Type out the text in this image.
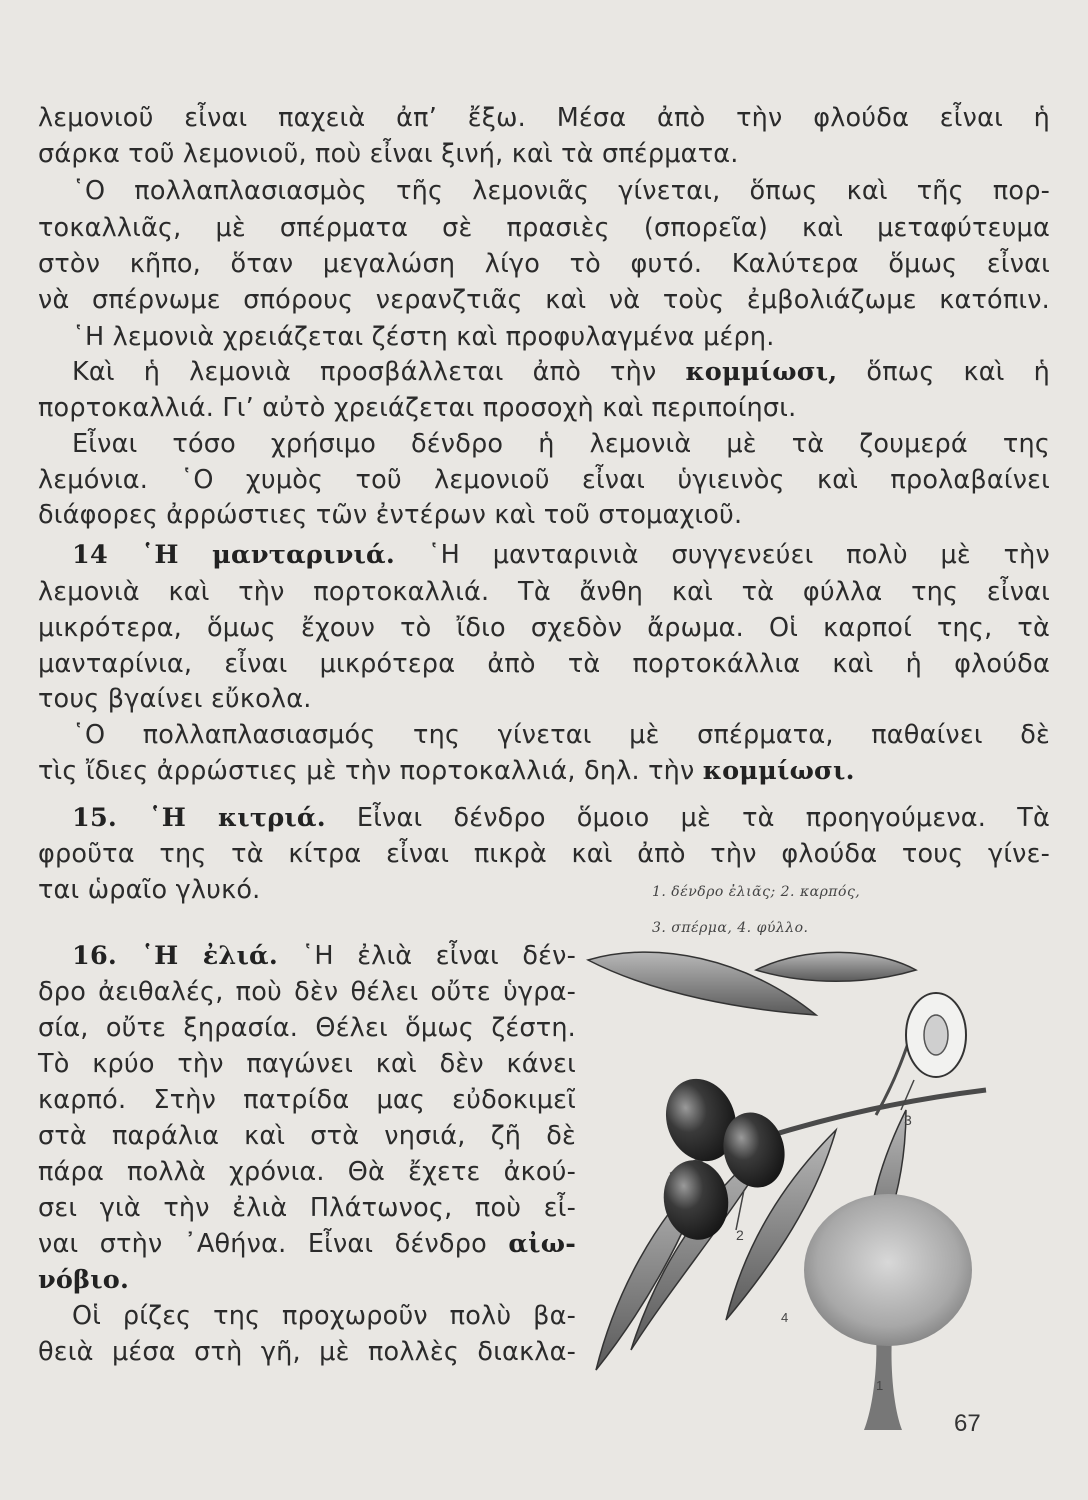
λεμονιοῦ εἶναι παχειὰ ἀπ’ ἔξω. Μέσα ἀπὸ τὴν φλούδα εἶναι ἡ
σάρκα τοῦ λεμονιοῦ, ποὺ εἶναι ξινή, καὶ τὰ σπέρματα.
῾Ο πολλαπλασιασμὸς τῆς λεμονιᾶς γίνεται, ὅπως καὶ τῆς πορ-
τοκαλλιᾶς, μὲ σπέρματα σὲ πρασιὲς (σπορεῖα) καὶ μεταφύτευμα
στὸν κῆπο, ὅταν μεγαλώση λίγο τὸ φυτό. Καλύτερα ὅμως εἶναι
νὰ σπέρνωμε σπόρους νερανζτιᾶς καὶ νὰ τοὺς ἐμβολιάζωμε κατόπιν.
῾Η λεμονιὰ χρειάζεται ζέστη καὶ προφυλαγμένα μέρη.
Καὶ ἡ λεμονιὰ προσβάλλεται ἀπὸ τὴν κομμίωσι, ὅπως καὶ ἡ
πορτοκαλλιά. Γι’ αὐτὸ χρειάζεται προσοχὴ καὶ περιποίησι.
Εἶναι τόσο χρήσιμο δένδρο ἡ λεμονιὰ μὲ τὰ ζουμερά της
λεμόνια. ῾Ο χυμὸς τοῦ λεμονιοῦ εἶναι ὑγιεινὸς καὶ προλαβαίνει
διάφορες ἀρρώστιες τῶν ἐντέρων καὶ τοῦ στομαχιοῦ.
14 ῾Η μανταρινιά. ῾Η μανταρινιὰ συγγενεύει πολὺ μὲ τὴν
λεμονιὰ καὶ τὴν πορτοκαλλιά. Τὰ ἄνθη καὶ τὰ φύλλα της εἶναι
μικρότερα, ὅμως ἔχουν τὸ ἴδιο σχεδὸν ἄρωμα. Οἱ καρποί της, τὰ
μανταρίνια, εἶναι μικρότερα ἀπὸ τὰ πορτοκάλλια καὶ ἡ φλούδα
τους βγαίνει εὔκολα.
῾Ο πολλαπλασιασμός της γίνεται μὲ σπέρματα, παθαίνει δὲ
τὶς ἴδιες ἀρρώστιες μὲ τὴν πορτοκαλλιά, δηλ. τὴν κομμίωσι.
15. ῾Η κιτριά. Εἶναι δένδρο ὅμοιο μὲ τὰ προηγούμενα. Τὰ
φροῦτα της τὰ κίτρα εἶναι πικρὰ καὶ ἀπὸ τὴν φλούδα τους γίνε-
ται ὡραῖο γλυκό.
16. ῾Η ἐλιά. ῾Η ἐλιὰ εἶναι δέν-
δρο ἀειθαλές, ποὺ δὲν θέλει οὔτε ὑγρα-
σία, οὔτε ξηρασία. Θέλει ὅμως ζέστη.
Τὸ κρύο τὴν παγώνει καὶ δὲν κάνει
καρπό. Στὴν πατρίδα μας εὐδοκιμεῖ
στὰ παράλια καὶ στὰ νησιά, ζῆ δὲ
πάρα πολλὰ χρόνια. Θὰ ἔχετε ἀκού-
σει γιὰ τὴν ἐλιὰ Πλάτωνος, ποὺ εἶ-
ναι στὴν ᾿Αθήνα. Εἶναι δένδρο αἰω-
νόβιο.
Οἱ ρίζες της προχωροῦν πολὺ βα-
θειὰ μέσα στὴ γῆ, μὲ πολλὲς διακλα-
1. δένδρο ἐλιᾶς; 2. καρπός,
3. σπέρμα, 4. φύλλο.
2
3
4
1
67
